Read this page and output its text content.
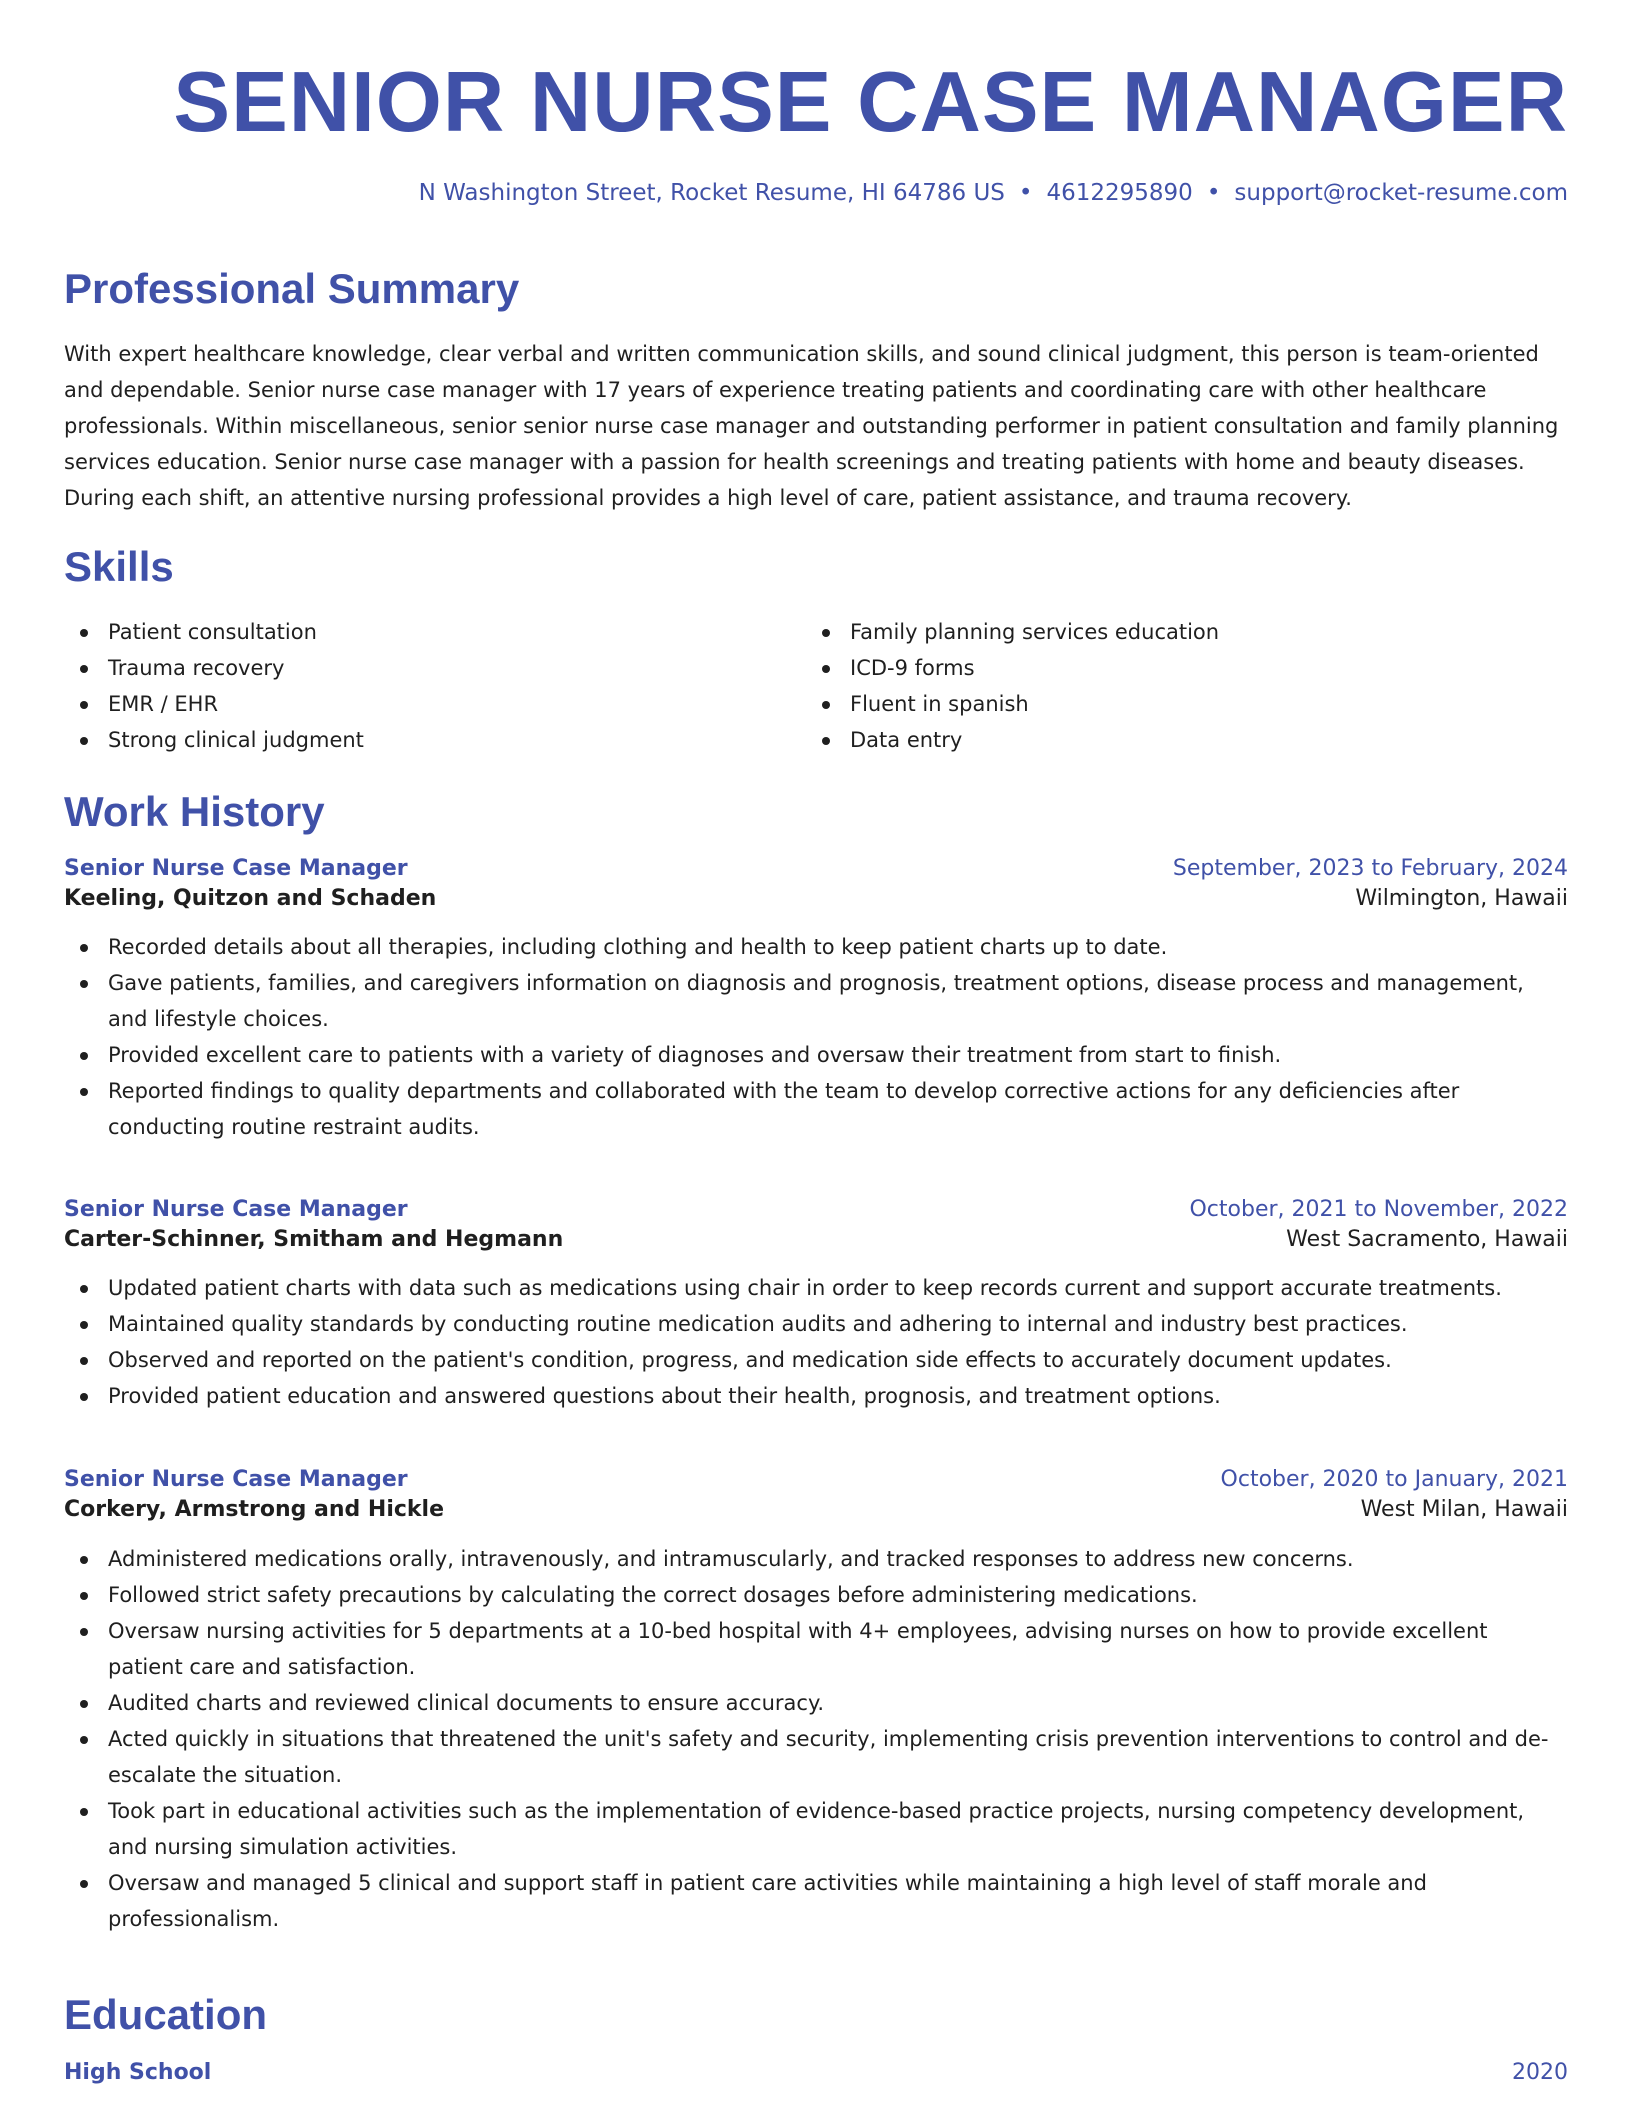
SENIOR NURSE CASE MANAGER
N Washington Street, Rocket Resume, HI 64786 US • 4612295890 • support@rocket-resume.com
Professional Summary

With expert healthcare knowledge, clear verbal and written communication skills, and sound clinical judgment, this person is team-oriented and dependable. Senior nurse case manager with 17 years of experience treating patients and coordinating care with other healthcare professionals. Within miscellaneous, senior senior nurse case manager and outstanding performer in patient consultation and family planning services education. Senior nurse case manager with a passion for health screenings and treating patients with home and beauty diseases. During each shift, an attentive nursing professional provides a high level of care, patient assistance, and trauma recovery.

Skills
Patient consultation
Trauma recovery
EMR / EHR
Strong clinical judgment
Family planning services education
ICD-9 forms
Fluent in spanish
Data entry
Work History
Senior Nurse Case Manager	September, 2023 to February, 2024
Keeling, Quitzon and Schaden	Wilmington, Hawaii
Recorded details about all therapies, including clothing and health to keep patient charts up to date.
Gave patients, families, and caregivers information on diagnosis and prognosis, treatment options, disease process and management, and lifestyle choices.
Provided excellent care to patients with a variety of diagnoses and oversaw their treatment from start to finish.
Reported findings to quality departments and collaborated with the team to develop corrective actions for any deficiencies after conducting routine restraint audits.
Senior Nurse Case Manager	October, 2021 to November, 2022
Carter-Schinner, Smitham and Hegmann	West Sacramento, Hawaii
Updated patient charts with data such as medications using chair in order to keep records current and support accurate treatments.
Maintained quality standards by conducting routine medication audits and adhering to internal and industry best practices.
Observed and reported on the patient's condition, progress, and medication side effects to accurately document updates.
Provided patient education and answered questions about their health, prognosis, and treatment options.
Senior Nurse Case Manager	October, 2020 to January, 2021
Corkery, Armstrong and Hickle	West Milan, Hawaii
Administered medications orally, intravenously, and intramuscularly, and tracked responses to address new concerns.
Followed strict safety precautions by calculating the correct dosages before administering medications.
Oversaw nursing activities for 5 departments at a 10-bed hospital with 4+ employees, advising nurses on how to provide excellent patient care and satisfaction.
Audited charts and reviewed clinical documents to ensure accuracy.
Acted quickly in situations that threatened the unit's safety and security, implementing crisis prevention interventions to control and de-escalate the situation.
Took part in educational activities such as the implementation of evidence-based practice projects, nursing competency development, and nursing simulation activities.
Oversaw and managed 5 clinical and support staff in patient care activities while maintaining a high level of staff morale and professionalism.
Education
High School	2020
